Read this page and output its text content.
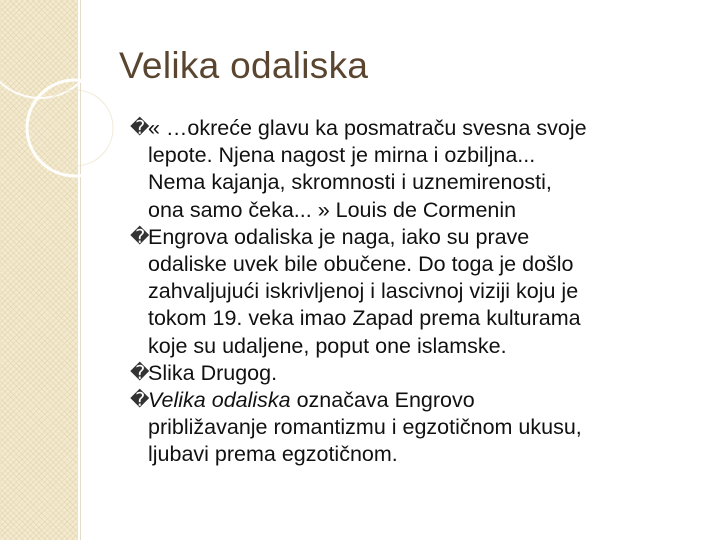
Velika odaliska
�
« …okreće glavu ka posmatraču svesna svoje
lepote. Njena nagost je mirna i ozbiljna...
Nema kajanja, skromnosti i uznemirenosti,
ona samo čeka... » Louis de Cormenin
�
Engrova odaliska je naga, iako su prave
odaliske uvek bile obučene. Do toga je došlo
zahvaljujući iskrivljenoj i lascivnoj viziji koju je
tokom 19. veka imao Zapad prema kulturama
koje su udaljene, poput one islamske.
�
Slika Drugog.
�
Velika odaliska označava Engrovo
približavanje romantizmu i egzotičnom ukusu,
ljubavi prema egzotičnom.
